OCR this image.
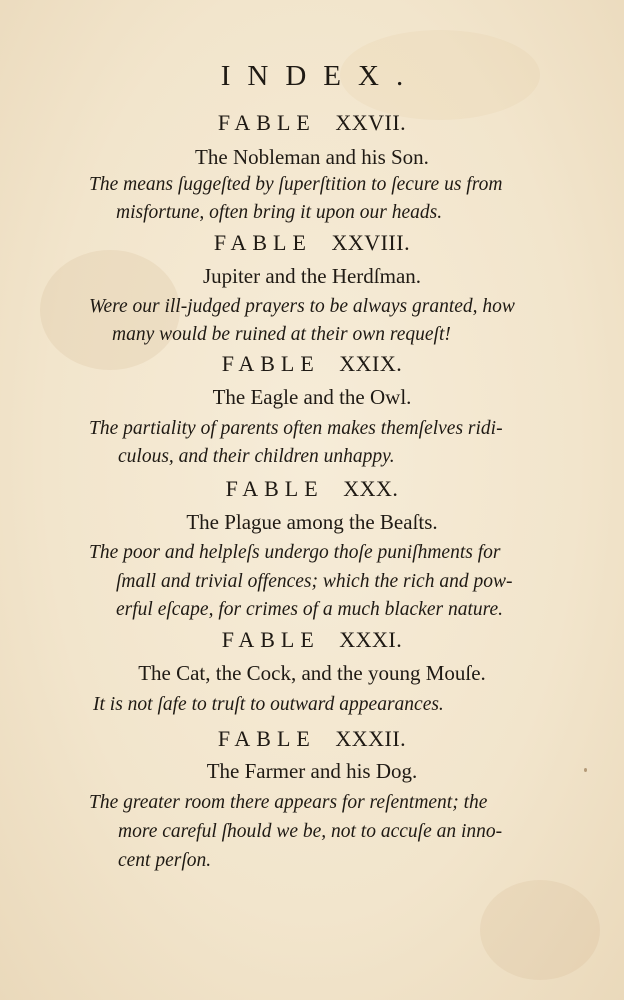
INDEX.
FABLE XXVII.
The Nobleman and his Son.
The means ſuggeſted by ſuperſtition to ſecure us from
misfortune, often bring it upon our heads.
FABLE XXVIII.
Jupiter and the Herdſman.
Were our ill-judged prayers to be always granted, how
many would be ruined at their own requeſt!
FABLE XXIX.
The Eagle and the Owl.
The partiality of parents often makes themſelves ridi-
culous, and their children unhappy.
FABLE XXX.
The Plague among the Beaſts.
The poor and helpleſs undergo thoſe puniſhments for
ſmall and trivial offences; which the rich and pow-
erful eſcape, for crimes of a much blacker nature.
FABLE XXXI.
The Cat, the Cock, and the young Mouſe.
It is not ſafe to truſt to outward appearances.
FABLE XXXII.
The Farmer and his Dog.
The greater room there appears for reſentment; the
more careful ſhould we be, not to accuſe an inno-
cent perſon.
